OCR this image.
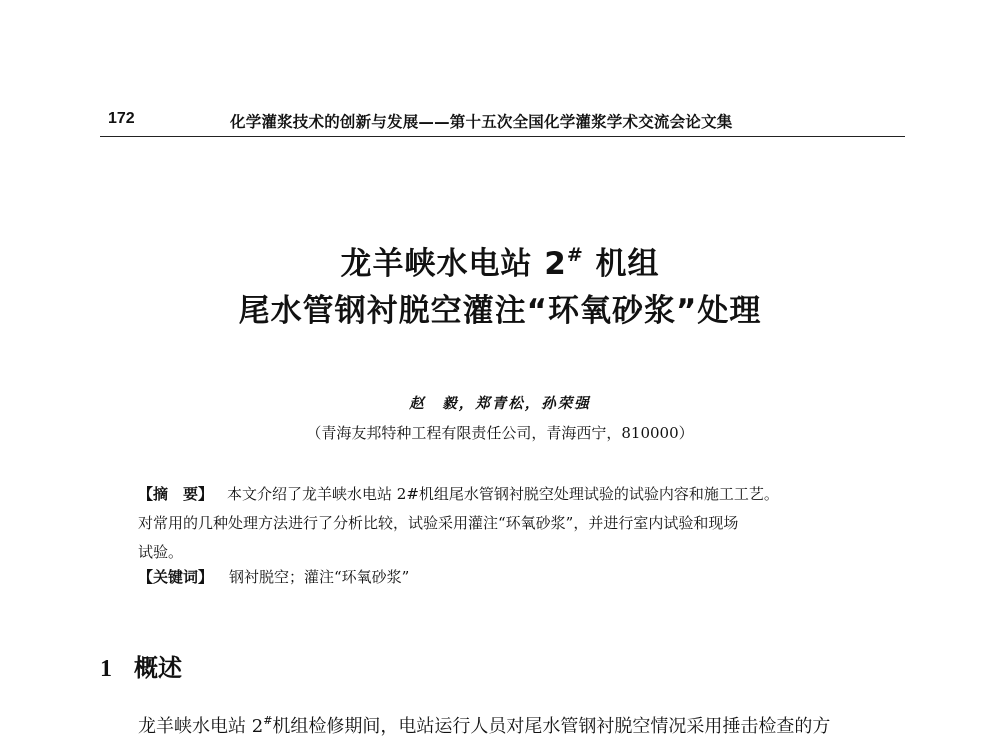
172	化学灌浆技术的创新与发展——第十五次全国化学灌浆学术交流会论文集
龙羊峡水电站 2# 机组
尾水管钢衬脱空灌注“环氧砂浆”处理
赵　毅，郑青松，孙荣强
（青海友邦特种工程有限责任公司，青海西宁，810000）
【摘　要】 本文介绍了龙羊峡水电站 2#机组尾水管钢衬脱空处理试验的试验内容和施工工艺。
对常用的几种处理方法进行了分析比较，试验采用灌注“环氧砂浆”，并进行室内试验和现场
试验。
【关键词】 钢衬脱空；灌注“环氧砂浆”
1 概述
龙羊峡水电站 2#机组检修期间，电站运行人员对尾水管钢衬脱空情况采用捶击检查的方
